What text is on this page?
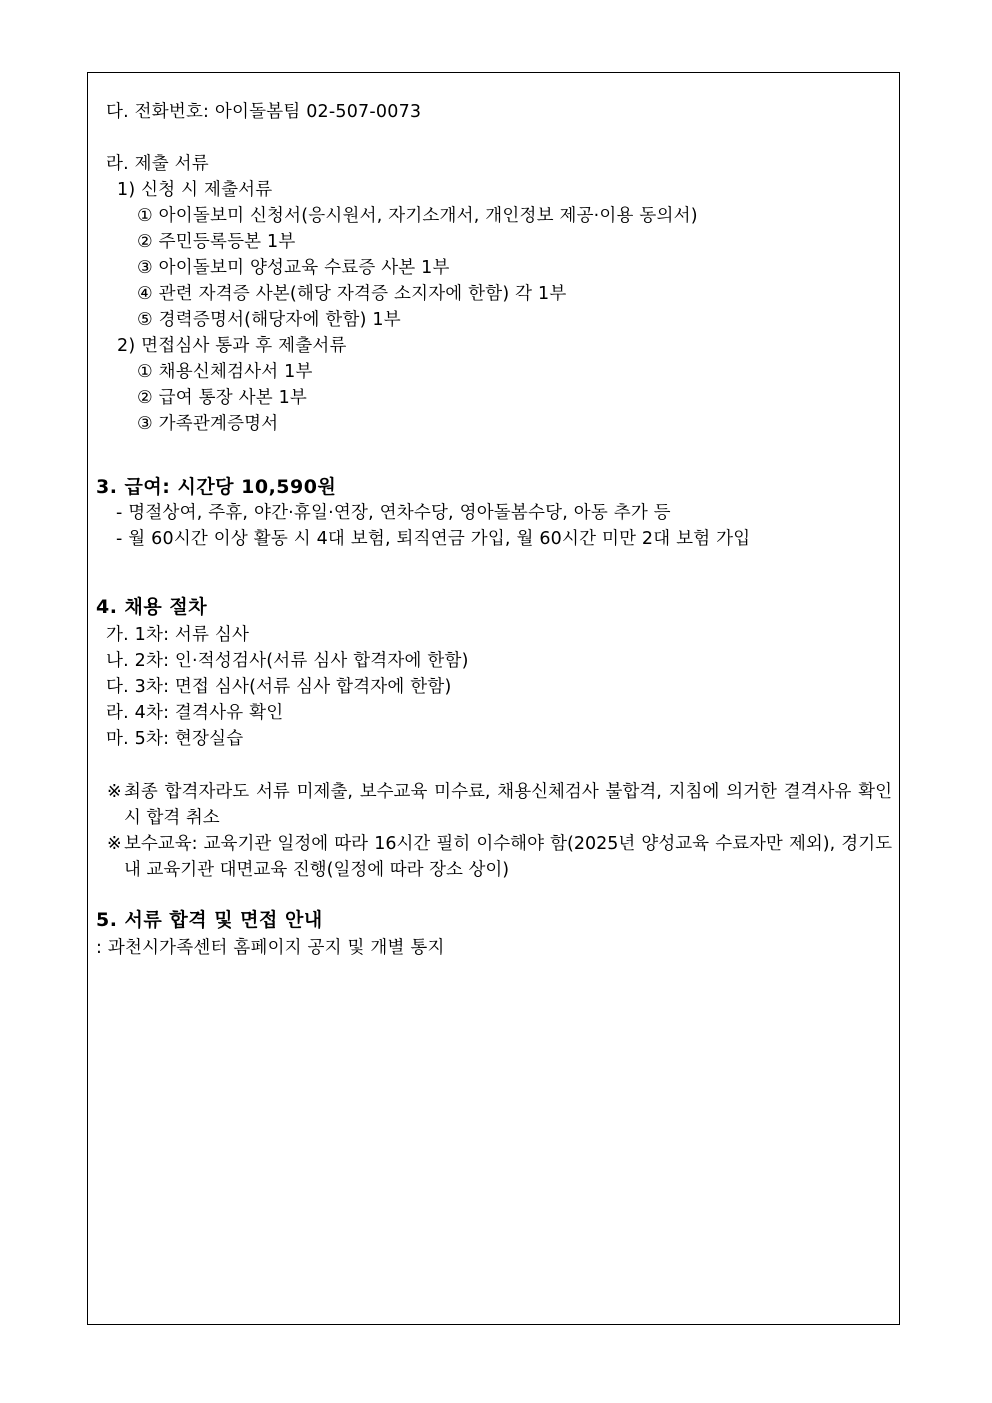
다. 전화번호: 아이돌봄팀 02-507-0073
라. 제출 서류
1) 신청 시 제출서류
① 아이돌보미 신청서(응시원서, 자기소개서, 개인정보 제공·이용 동의서)
② 주민등록등본 1부
③ 아이돌보미 양성교육 수료증 사본 1부
④ 관련 자격증 사본(해당 자격증 소지자에 한함) 각 1부
⑤ 경력증명서(해당자에 한함) 1부
2) 면접심사 통과 후 제출서류
① 채용신체검사서 1부
② 급여 통장 사본 1부
③ 가족관계증명서
3. 급여: 시간당 10,590원
- 명절상여, 주휴, 야간·휴일·연장, 연차수당, 영아돌봄수당, 아동 추가 등
- 월 60시간 이상 활동 시 4대 보험, 퇴직연금 가입, 월 60시간 미만 2대 보험 가입
4. 채용 절차
가. 1차: 서류 심사
나. 2차: 인·적성검사(서류 심사 합격자에 한함)
다. 3차: 면접 심사(서류 심사 합격자에 한함)
라. 4차: 결격사유 확인
마. 5차: 현장실습
※ 최종 합격자라도 서류 미제출, 보수교육 미수료, 채용신체검사 불합격, 지침에 의거한 결격사유 확인 시 합격 취소
※ 보수교육: 교육기관 일정에 따라 16시간 필히 이수해야 함(2025년 양성교육 수료자만 제외), 경기도 내 교육기관 대면교육 진행(일정에 따라 장소 상이)
5. 서류 합격 및 면접 안내
: 과천시가족센터 홈페이지 공지 및 개별 통지
